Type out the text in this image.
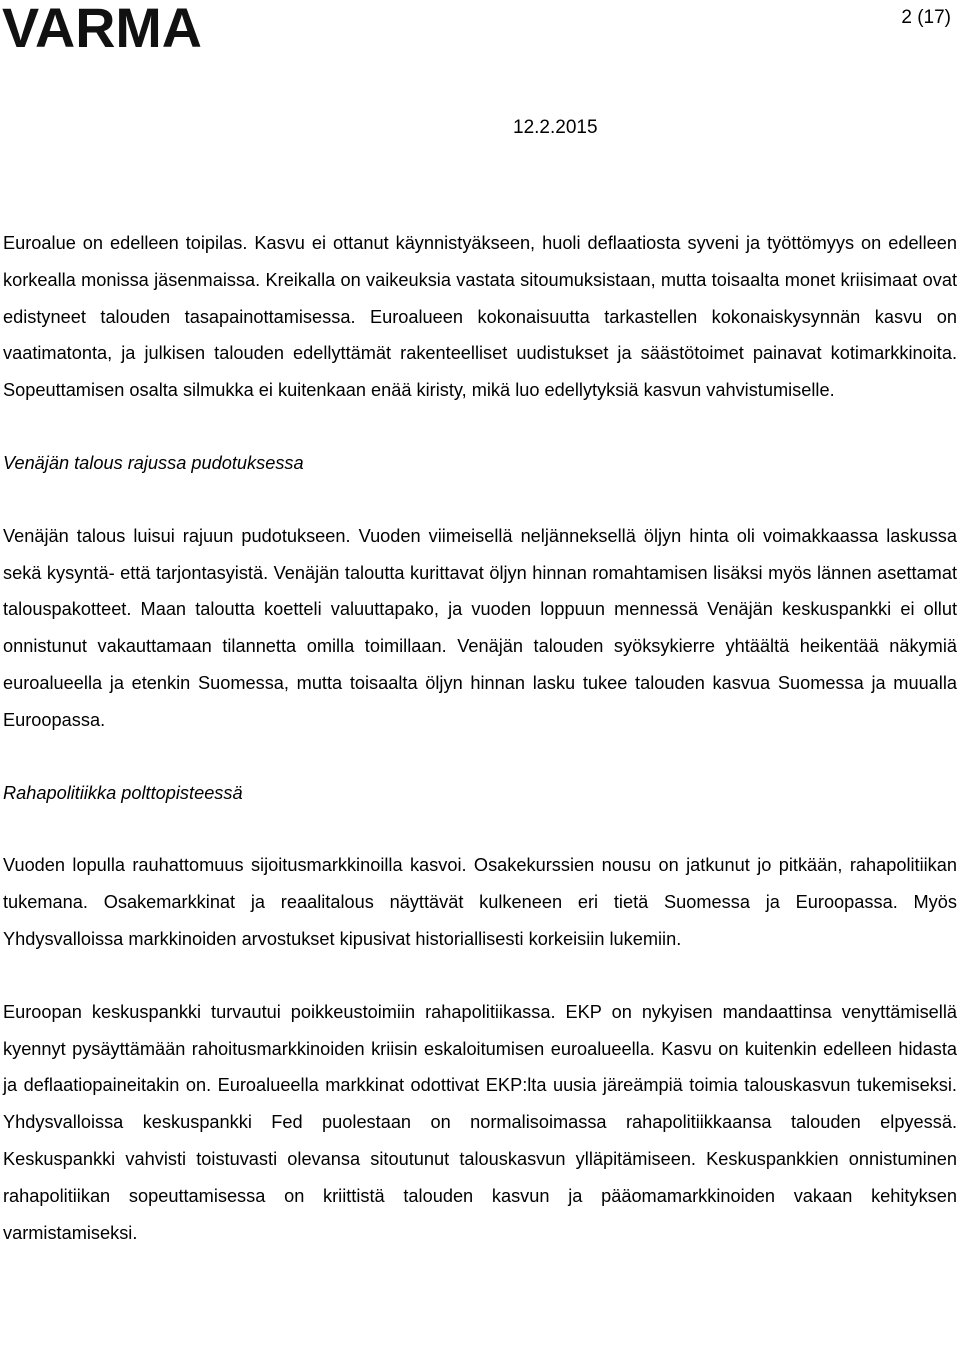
VARMA	2 (17)

12.2.2015

Euroalue on edelleen toipilas. Kasvu ei ottanut käynnistyäkseen, huoli deflaatiosta syveni ja työttömyys on edelleen korkealla monissa jäsenmaissa. Kreikalla on vaikeuksia vastata sitoumuksistaan, mutta toisaalta monet kriisimaat ovat edistyneet talouden tasapainottamisessa. Euroalueen kokonaisuutta tarkastellen kokonaiskysynnän kasvu on vaatimatonta, ja julkisen talouden edellyttämät rakenteelliset uudistukset ja säästötoimet painavat kotimarkkinoita. Sopeuttamisen osalta silmukka ei kuitenkaan enää kiristy, mikä luo edellytyksiä kasvun vahvistumiselle.

Venäjän talous rajussa pudotuksessa

Venäjän talous luisui rajuun pudotukseen. Vuoden viimeisellä neljänneksellä öljyn hinta oli voimakkaassa laskussa sekä kysyntä- että tarjontasyistä. Venäjän taloutta kurittavat öljyn hinnan romahtamisen lisäksi myös lännen asettamat talouspakotteet. Maan taloutta koetteli valuuttapako, ja vuoden loppuun mennessä Venäjän keskuspankki ei ollut onnistunut vakauttamaan tilannetta omilla toimillaan. Venäjän talouden syöksykierre yhtäältä heikentää näkymiä euroalueella ja etenkin Suomessa, mutta toisaalta öljyn hinnan lasku tukee talouden kasvua Suomessa ja muualla Euroopassa.

Rahapolitiikka polttopisteessä

Vuoden lopulla rauhattomuus sijoitusmarkkinoilla kasvoi. Osakekurssien nousu on jatkunut jo pitkään, rahapolitiikan tukemana. Osakemarkkinat ja reaalitalous näyttävät kulkeneen eri tietä Suomessa ja Euroopassa. Myös Yhdysvalloissa markkinoiden arvostukset kipusivat historiallisesti korkeisiin lukemiin.

Euroopan keskuspankki turvautui poikkeustoimiin rahapolitiikassa. EKP on nykyisen mandaattinsa venyttämisellä kyennyt pysäyttämään rahoitusmarkkinoiden kriisin eskaloitumisen euroalueella. Kasvu on kuitenkin edelleen hidasta ja deflaatiopaineitakin on. Euroalueella markkinat odottivat EKP:lta uusia järeämpiä toimia talouskasvun tukemiseksi. Yhdysvalloissa keskuspankki Fed puolestaan on normalisoimassa rahapolitiikkaansa talouden elpyessä. Keskuspankki vahvisti toistuvasti olevansa sitoutunut talouskasvun ylläpitämiseen. Keskuspankkien onnistuminen rahapolitiikan sopeuttamisessa on kriittistä talouden kasvun ja pääomamarkkinoiden vakaan kehityksen varmistamiseksi.
